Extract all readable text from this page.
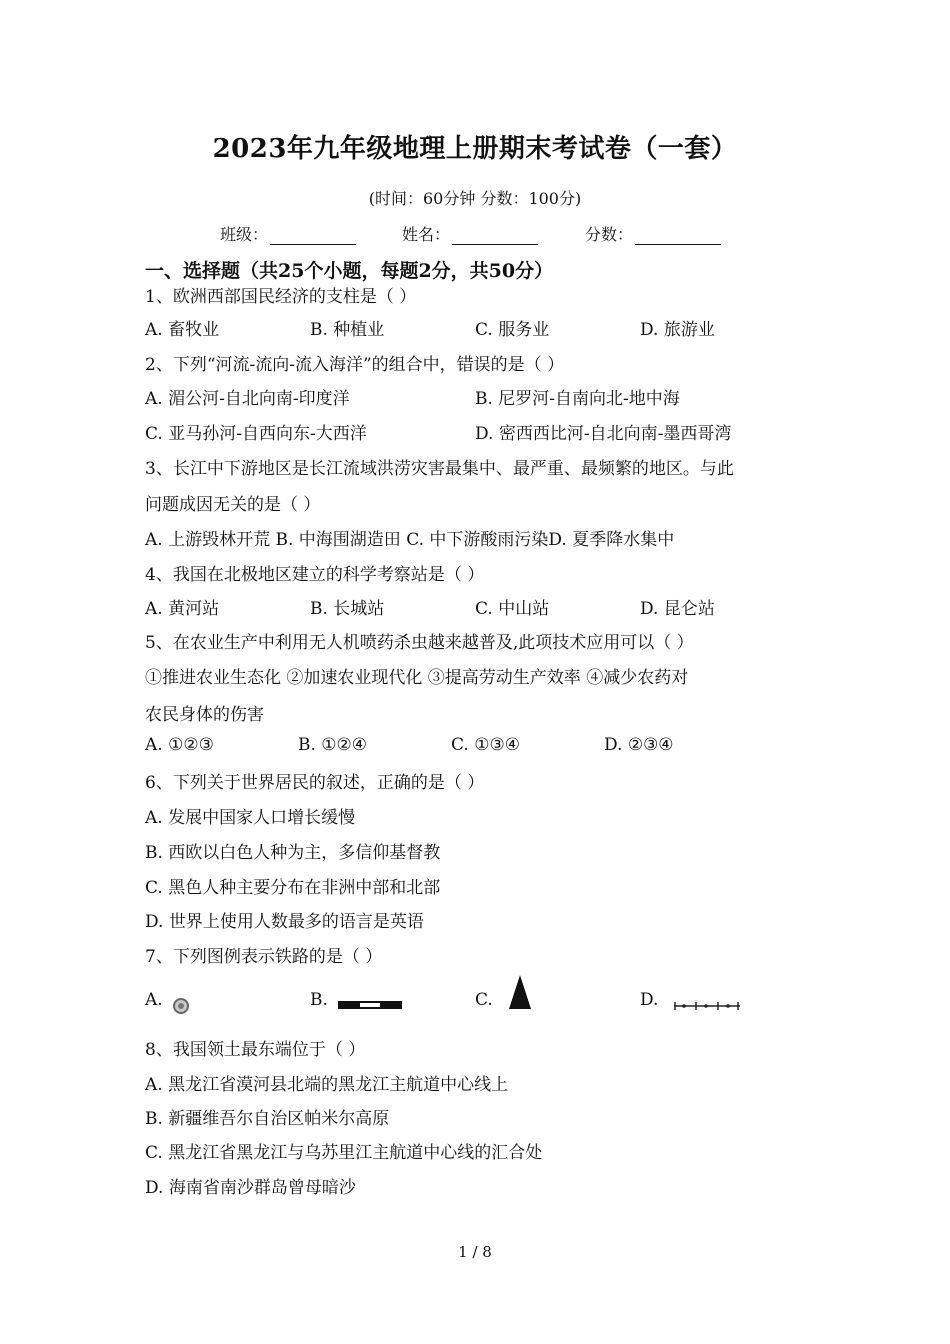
2023年九年级地理上册期末考试卷（一套）
(时间：60分钟 分数：100分)
班级：	姓名：	分数：
一、选择题（共25个小题，每题2分，共50分）
1、欧洲西部国民经济的支柱是（ ）
A. 畜牧业	B. 种植业	C. 服务业	D. 旅游业
2、下列“河流-流向-流入海洋”的组合中，错误的是（ ）
A. 湄公河-自北向南-印度洋	B. 尼罗河-自南向北-地中海
C. 亚马孙河-自西向东-大西洋	D. 密西西比河-自北向南-墨西哥湾
3、长江中下游地区是长江流域洪涝灾害最集中、最严重、最频繁的地区。与此
问题成因无关的是（ ）
A. 上游毁林开荒 B. 中海围湖造田 C. 中下游酸雨污染D. 夏季降水集中
4、我国在北极地区建立的科学考察站是（ ）
A. 黄河站	B. 长城站	C. 中山站	D. 昆仑站
5、在农业生产中利用无人机喷药杀虫越来越普及,此项技术应用可以（ ）
①推进农业生态化 ②加速农业现代化 ③提高劳动生产效率 ④减少农药对
农民身体的伤害
A. ①②③	B. ①②④	C. ①③④	D. ②③④
6、下列关于世界居民的叙述，正确的是（ ）
A. 发展中国家人口增长缓慢
B. 西欧以白色人种为主，多信仰基督教
C. 黑色人种主要分布在非洲中部和北部
D. 世界上使用人数最多的语言是英语
7、下列图例表示铁路的是（ ）
A.	B.	C.	D.
8、我国领土最东端位于（ ）
A. 黑龙江省漠河县北端的黑龙江主航道中心线上
B. 新疆维吾尔自治区帕米尔高原
C. 黑龙江省黑龙江与乌苏里江主航道中心线的汇合处
D. 海南省南沙群岛曾母暗沙
1 / 8
